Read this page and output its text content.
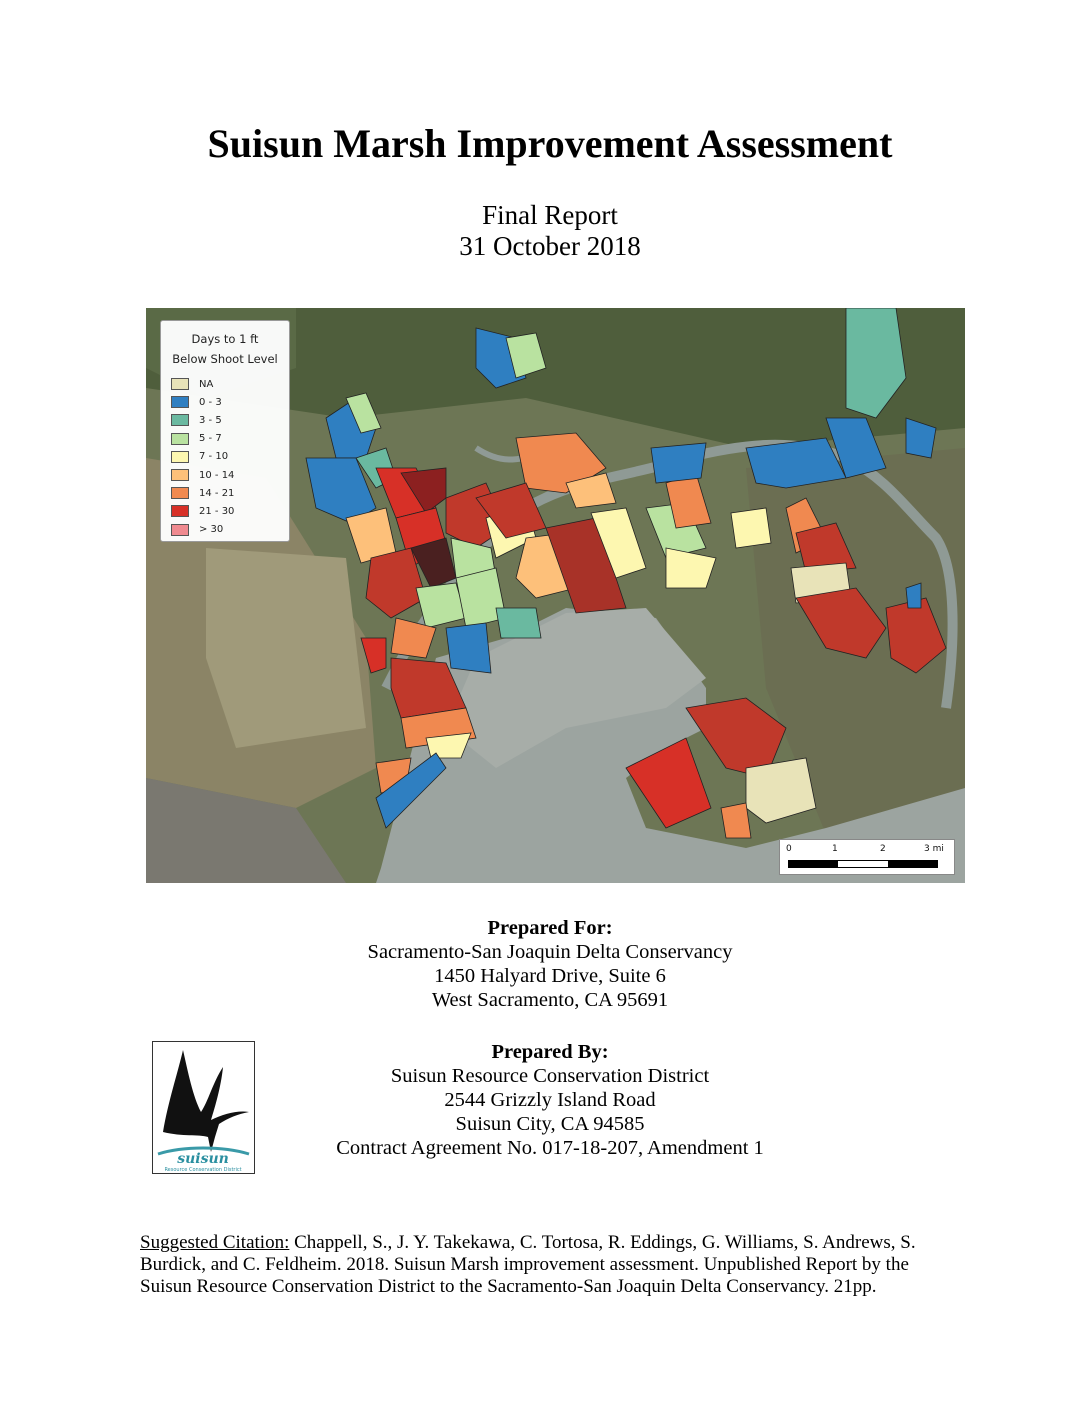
Suisun Marsh Improvement Assessment
Final Report
31 October 2018
Days to 1 ft
Below Shoot Level
NA
0 - 3
3 - 5
5 - 7
7 - 10
10 - 14
14 - 21
21 - 30
> 30
0	1	2	3 mi
Prepared For:
Sacramento-San Joaquin Delta Conservancy
1450 Halyard Drive, Suite 6
West Sacramento, CA 95691
suisun
Resource Conservation District
Prepared By:
Suisun Resource Conservation District
2544 Grizzly Island Road
Suisun City, CA 94585
Contract Agreement No. 017-18-207, Amendment 1
Suggested Citation: Chappell, S., J. Y. Takekawa, C. Tortosa, R. Eddings, G. Williams, S. Andrews, S. Burdick, and C. Feldheim. 2018. Suisun Marsh improvement assessment. Unpublished Report by the Suisun Resource Conservation District to the Sacramento-San Joaquin Delta Conservancy. 21pp.
